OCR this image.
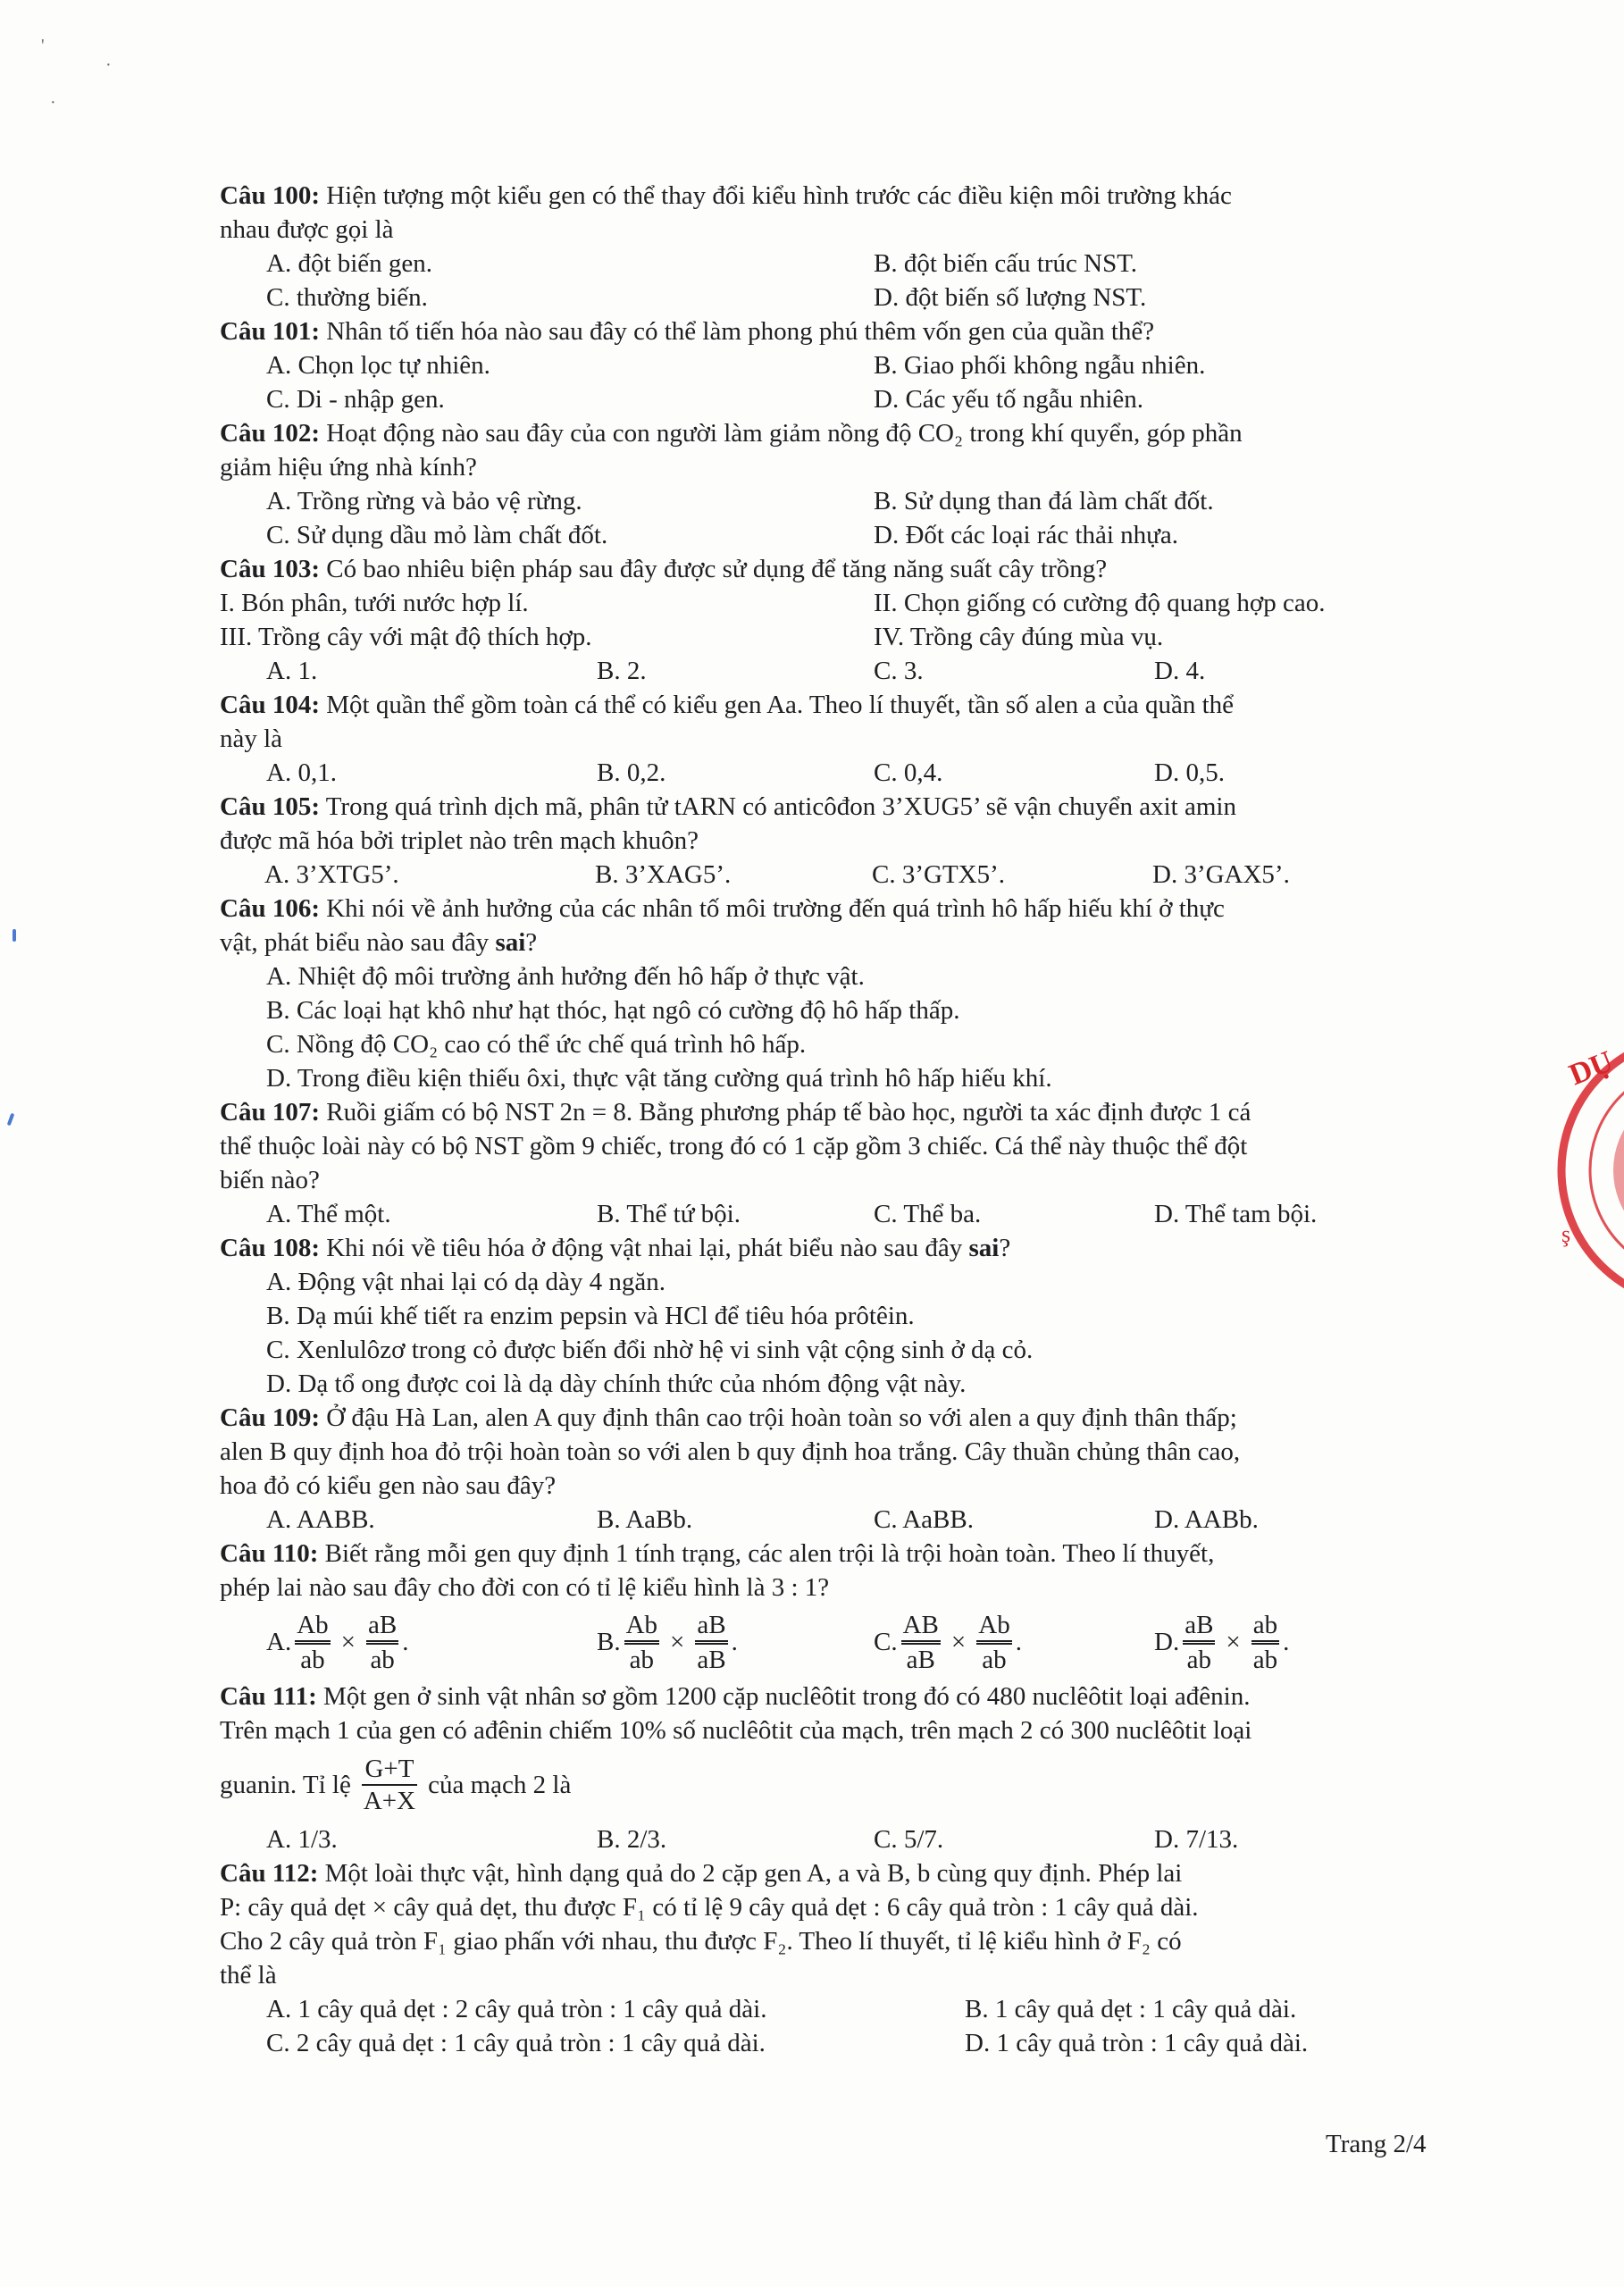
'
·
·

Câu 100: Hiện tượng một kiểu gen có thể thay đổi kiểu hình trước các điều kiện môi trường khác

nhau được gọi là

A. đột biến gen.	B. đột biến cấu trúc NST.
C. thường biến.	D. đột biến số lượng NST.

Câu 101: Nhân tố tiến hóa nào sau đây có thể làm phong phú thêm vốn gen của quần thể?

A. Chọn lọc tự nhiên.	B. Giao phối không ngẫu nhiên.
C. Di - nhập gen.	D. Các yếu tố ngẫu nhiên.

Câu 102: Hoạt động nào sau đây của con người làm giảm nồng độ CO₂ trong khí quyển, góp phần

giảm hiệu ứng nhà kính?

A. Trồng rừng và bảo vệ rừng.	B. Sử dụng than đá làm chất đốt.
C. Sử dụng dầu mỏ làm chất đốt.	D. Đốt các loại rác thải nhựa.

Câu 103: Có bao nhiêu biện pháp sau đây được sử dụng để tăng năng suất cây trồng?

I. Bón phân, tưới nước hợp lí.	II. Chọn giống có cường độ quang hợp cao.
III. Trồng cây với mật độ thích hợp.	IV. Trồng cây đúng mùa vụ.
A. 1.	B. 2.	C. 3.	D. 4.

Câu 104: Một quần thể gồm toàn cá thể có kiểu gen Aa. Theo lí thuyết, tần số alen a của quần thể

này là

A. 0,1.	B. 0,2.	C. 0,4.	D. 0,5.

Câu 105: Trong quá trình dịch mã, phân tử tARN có anticôđon 3’XUG5’ sẽ vận chuyển axit amin

được mã hóa bởi triplet nào trên mạch khuôn?

A. 3’XTG5’.	B. 3’XAG5’.	C. 3’GTX5’.	D. 3’GAX5’.

Câu 106: Khi nói về ảnh hưởng của các nhân tố môi trường đến quá trình hô hấp hiếu khí ở thực

vật, phát biểu nào sau đây sai?

A. Nhiệt độ môi trường ảnh hưởng đến hô hấp ở thực vật.

B. Các loại hạt khô như hạt thóc, hạt ngô có cường độ hô hấp thấp.

C. Nồng độ CO₂ cao có thể ức chế quá trình hô hấp.

D. Trong điều kiện thiếu ôxi, thực vật tăng cường quá trình hô hấp hiếu khí.

Câu 107: Ruồi giấm có bộ NST 2n = 8. Bằng phương pháp tế bào học, người ta xác định được 1 cá

thể thuộc loài này có bộ NST gồm 9 chiếc, trong đó có 1 cặp gồm 3 chiếc. Cá thể này thuộc thể đột

biến nào?

A. Thể một.	B. Thể tứ bội.	C. Thể ba.	D. Thể tam bội.

Câu 108: Khi nói về tiêu hóa ở động vật nhai lại, phát biểu nào sau đây sai?

A. Động vật nhai lại có dạ dày 4 ngăn.

B. Dạ múi khế tiết ra enzim pepsin và HCl để tiêu hóa prôtêin.

C. Xenlulôzơ trong cỏ được biến đổi nhờ hệ vi sinh vật cộng sinh ở dạ cỏ.

D. Dạ tổ ong được coi là dạ dày chính thức của nhóm động vật này.

Câu 109: Ở đậu Hà Lan, alen A quy định thân cao trội hoàn toàn so với alen a quy định thân thấp;

alen B quy định hoa đỏ trội hoàn toàn so với alen b quy định hoa trắng. Cây thuần chủng thân cao,

hoa đỏ có kiểu gen nào sau đây?

A. AABB.	B. AaBb.	C. AaBB.	D. AABb.

Câu 110: Biết rằng mỗi gen quy định 1 tính trạng, các alen trội là trội hoàn toàn. Theo lí thuyết,

phép lai nào sau đây cho đời con có tỉ lệ kiểu hình là 3 : 1?

A. $\frac{Ab}{ab} \times \frac{aB}{ab}$ .	B. $\frac{Ab}{ab} \times \frac{aB}{aB}$ .	C. $\frac{AB}{aB} \times \frac{Ab}{ab}$ .	D. $\frac{aB}{ab} \times \frac{ab}{ab}$ .

Câu 111: Một gen ở sinh vật nhân sơ gồm 1200 cặp nuclêôtit trong đó có 480 nuclêôtit loại ađênin.

Trên mạch 1 của gen có ađênin chiếm 10% số nuclêôtit của mạch, trên mạch 2 có 300 nuclêôtit loại

guanin. Tỉ lệ $\frac{G+T}{A+X}$ của mạch 2 là
A. 1/3.	B. 2/3.	C. 5/7.	D. 7/13.

Câu 112: Một loài thực vật, hình dạng quả do 2 cặp gen A, a và B, b cùng quy định. Phép lai

P: cây quả dẹt × cây quả dẹt, thu được F₁ có tỉ lệ 9 cây quả dẹt : 6 cây quả tròn : 1 cây quả dài.

Cho 2 cây quả tròn F₁ giao phấn với nhau, thu được F₂. Theo lí thuyết, tỉ lệ kiểu hình ở F₂ có

thể là

A. 1 cây quả dẹt : 2 cây quả tròn : 1 cây quả dài.	B. 1 cây quả dẹt : 1 cây quả dài.
C. 2 cây quả dẹt : 1 cây quả tròn : 1 cây quả dài.	D. 1 cây quả tròn : 1 cây quả dài.
Trang 2/4
DỤ
ş
